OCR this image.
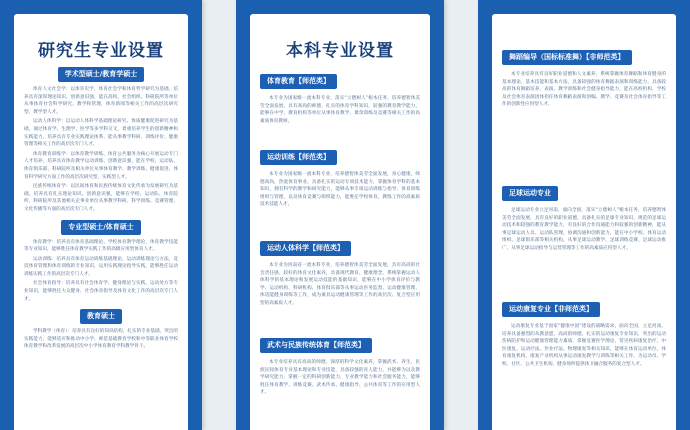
研究生专业设置
学术型硕士/教育学硕士

体育人文社会学：以体育史学、体育社会学和体育哲学研究为基础，培养具有深厚理论知识，创新意识强，能在高校、社会组织、科研院所等单位从事体育社会科学研究、教学和管理，体育新闻等相关工作的高层次研究型、教学型人才。

运动人体科学：以运动人体科学基础理论研究、体质健康促进研究为基础，通过体育学、生理学、医学等多学科交叉，着重培养学生的创新精神和实践能力，培养具有专业实践理论体系，能从事教学科研、训练评价、健康管理等相关工作的高层次专门人才。

体育教育训练学：以体育教学训练、体育公共服务为核心开展运动专门人才培养，培养具有体育教学运动训练、创新意识强，能在学校、运动队、体育俱乐部、科研院所及相关单位从事体育教学、教学训练、健康促进、体育科学研究方面工作的高层次研究型、实践型人才。

民族传统体育学：以民间体育和民族传统体育文化传承为发展研究为基础，培养具有扎实理论知识、创新意识强，能够在学校、运动队、体育院所、科研院所及其他相关企事业单位从事教学科研、科学训练、竞赛管理、文化传播等方面的高层次专门人才。

专业型硕士/体育硕士

体育教学：培养具有体育基础理论、学校体育教学理论，体育教学技能等专业知识，能够胜任体育教学实践工作的高级应用型体育人才。

运动训练：培养具有体育运动训练基础理论、运动训练理论与方法，竞技体育管理和体育训练的专业知识，运用实践理论指导实践，能够胜任运动训练实践工作的高层次专门人才。

社会体育指导：培养具有社会体育学、健身理论与实践、运动处方等专业知识，能够胜任大众健身、社会体育指导及体育文化工作的高层次专门人才。

教育硕士

学科教学（体育）：培养具有良好的知识结构，扎实的专业基础，突出的实践能力，能够适应和推动中小学、师范基础教育学校和中等职业体育学校体育教学和改革发展的高层次中小学体育教育学科教学骨干。

本科专业设置
体育教育【师范类】

本专业为国家级一流本科专业，落实“立德树人”根本任务，培养德智体美劳全面发展，具有高尚的师德，扎实的体育学科知识，较强的教育教学能力，能够在中学、教育机构等单位从事体育教学、课余训练及竞赛等相关工作的高素质体育教师。

运动训练【师范类】

本专业为国家级一流本科专业，培养德智体美劳全面发展，身心健康，师德高尚，热爱体育事业，具备扎实的运动专项技术能力，掌握体育学科的基本知识，拥有科学的教学和研究能力，能够从事专项运动训练与指导、体育训练组织与管理、以及体育竞赛与组织能力，能胜任学校体育、教练工作的高素质技术技能人才。

运动人体科学【师范类】

本专业为河南省一流本科专业，培养德智体美劳全面发展，具有高尚的社会责任感，较好的体育文化素养，具备现代教育、健康理念，系统掌握运动人体科学的基本理论和发展运动技能的基础知识，能够在中小学体育评价与教学、运动机构、科研机构、体育俱乐部等从事运动医务监督、运动健康管理、体适能健身训练等工作，成为兼具运动健康管理等工作的高层次、复合型应用型的高素质人才。

武术与民族传统体育【师范类】

本专业培养具有高尚的师德，深厚的科学文化素养，掌握武术、养生、民族民间体育专业基本理论和专业技能，具备较强的育人能力，并能够为以及教学研究能力，掌握一定的科研创新能力，专业教学能力和社会服务能力，能够胜任体育教学、训练竞赛、武术传承、健康指导、公共体育等工作的应用型人才。

舞蹈编导（国标标准舞）【非师范类】

本专业培养具有良好职业道德和人文素养、系统掌握体育舞蹈和体育健身的基本理论、基本技能和基本方法，具备较强的体育舞蹈表演和训练能力，具备较高的体育舞蹈培养、表演、教学训练和社会健身指导能力，能在高校机构、学校及社会体育表演团体担任体育舞蹈表演和创编、教学、竞赛及社会体育指导等工作的创新性应用型人才。

足球运动专业

足球运动专业立足河南、面向全国，落实“立德树人”根本任务，培养德智体美劳全面发展，具有良好的职业道德，具备扎实的足球专业知识，规范的足球运动技术和较强的教育教学能力，有良好的合作沟通能力和较强的创新精神，能从事足球运动人员、运动队管理、协调沟通和创新能力，能在中小学校、体育运动组织、足球俱乐部等相关机构，从事足球运动教学、足球训练竞赛、足球运动推广、从事足球运动指导与运营管理等工作的高素质应用型人才。

运动康复专业【非师范类】

运动康复专业基于国家“健康中国”建设的战略需求，面向全国，立足河南，培养具备强烈的从教意愿，高尚的师德，扎实的运动康复专业知识，突出的运动伤病防护和运动健康管理能力素质，掌握竞赛医学理论、常见疾病康复治疗、中医康复、运动疗法、作业疗法、物理康复等相关知识，能够在体育运动单位、体育康复机构、康复产业机构从事运动康复教学与训练等相关工作，为运动员、学校、社区、公共卫生机构、健身场所提供体卫融合服务的复合型人才。
